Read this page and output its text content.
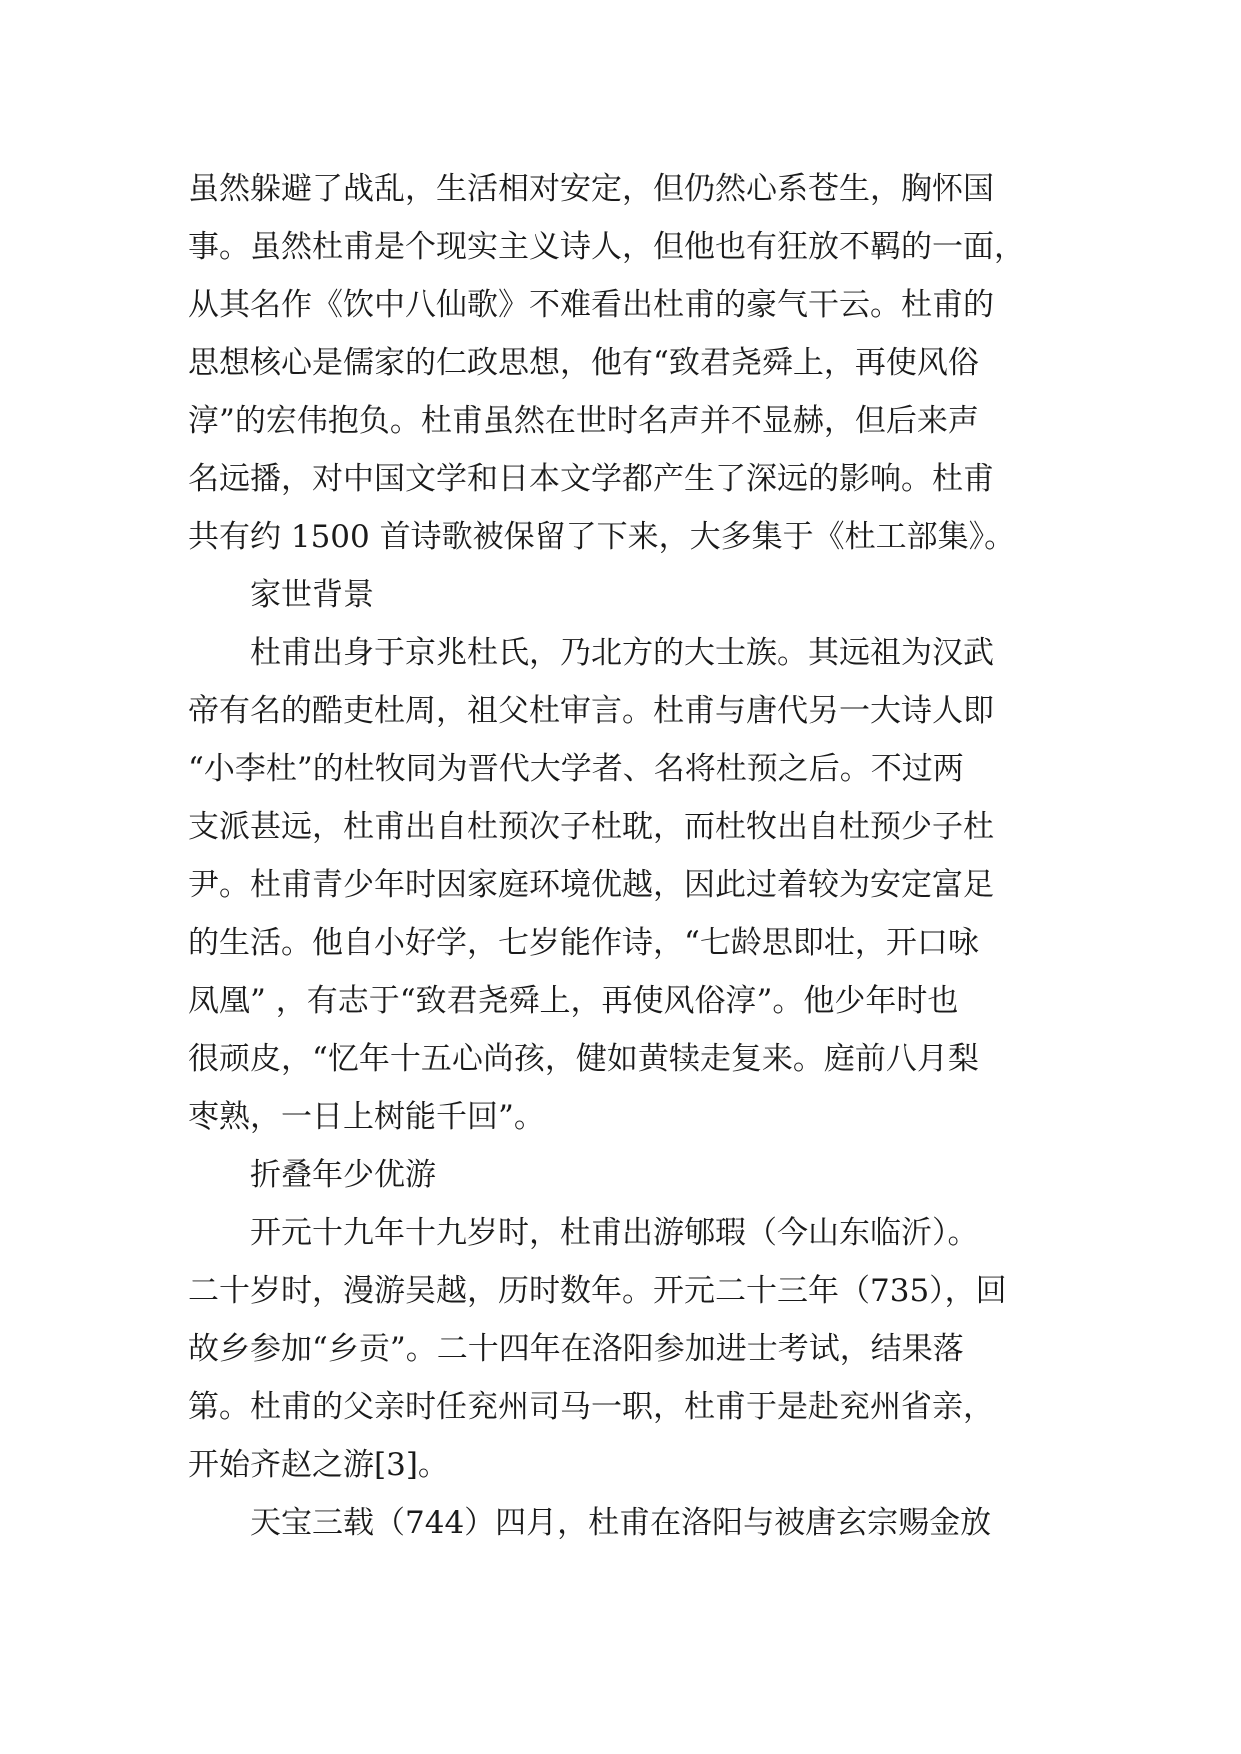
虽然躲避了战乱，生活相对安定，但仍然心系苍生，胸怀国
事。虽然杜甫是个现实主义诗人，但他也有狂放不羁的一面，
从其名作《饮中八仙歌》不难看出杜甫的豪气干云。杜甫的
思想核心是儒家的仁政思想，他有“致君尧舜上，再使风俗
淳”的宏伟抱负。杜甫虽然在世时名声并不显赫，但后来声
名远播，对中国文学和日本文学都产生了深远的影响。杜甫
共有约 1500 首诗歌被保留了下来，大多集于《杜工部集》。
家世背景
杜甫出身于京兆杜氏，乃北方的大士族。其远祖为汉武
帝有名的酷吏杜周，祖父杜审言。杜甫与唐代另一大诗人即
“小李杜”的杜牧同为晋代大学者、名将杜预之后。不过两
支派甚远，杜甫出自杜预次子杜耽，而杜牧出自杜预少子杜
尹。杜甫青少年时因家庭环境优越，因此过着较为安定富足
的生活。他自小好学，七岁能作诗，“七龄思即壮，开口咏
凤凰” ，有志于“致君尧舜上，再使风俗淳”。他少年时也
很顽皮，“忆年十五心尚孩，健如黄犊走复来。庭前八月梨
枣熟，一日上树能千回”。
折叠年少优游
开元十九年十九岁时，杜甫出游郇瑕（今山东临沂）。
二十岁时，漫游吴越，历时数年。开元二十三年（735），回
故乡参加“乡贡”。二十四年在洛阳参加进士考试，结果落
第。杜甫的父亲时任兖州司马一职，杜甫于是赴兖州省亲，
开始齐赵之游[3]。
天宝三载（744）四月，杜甫在洛阳与被唐玄宗赐金放
